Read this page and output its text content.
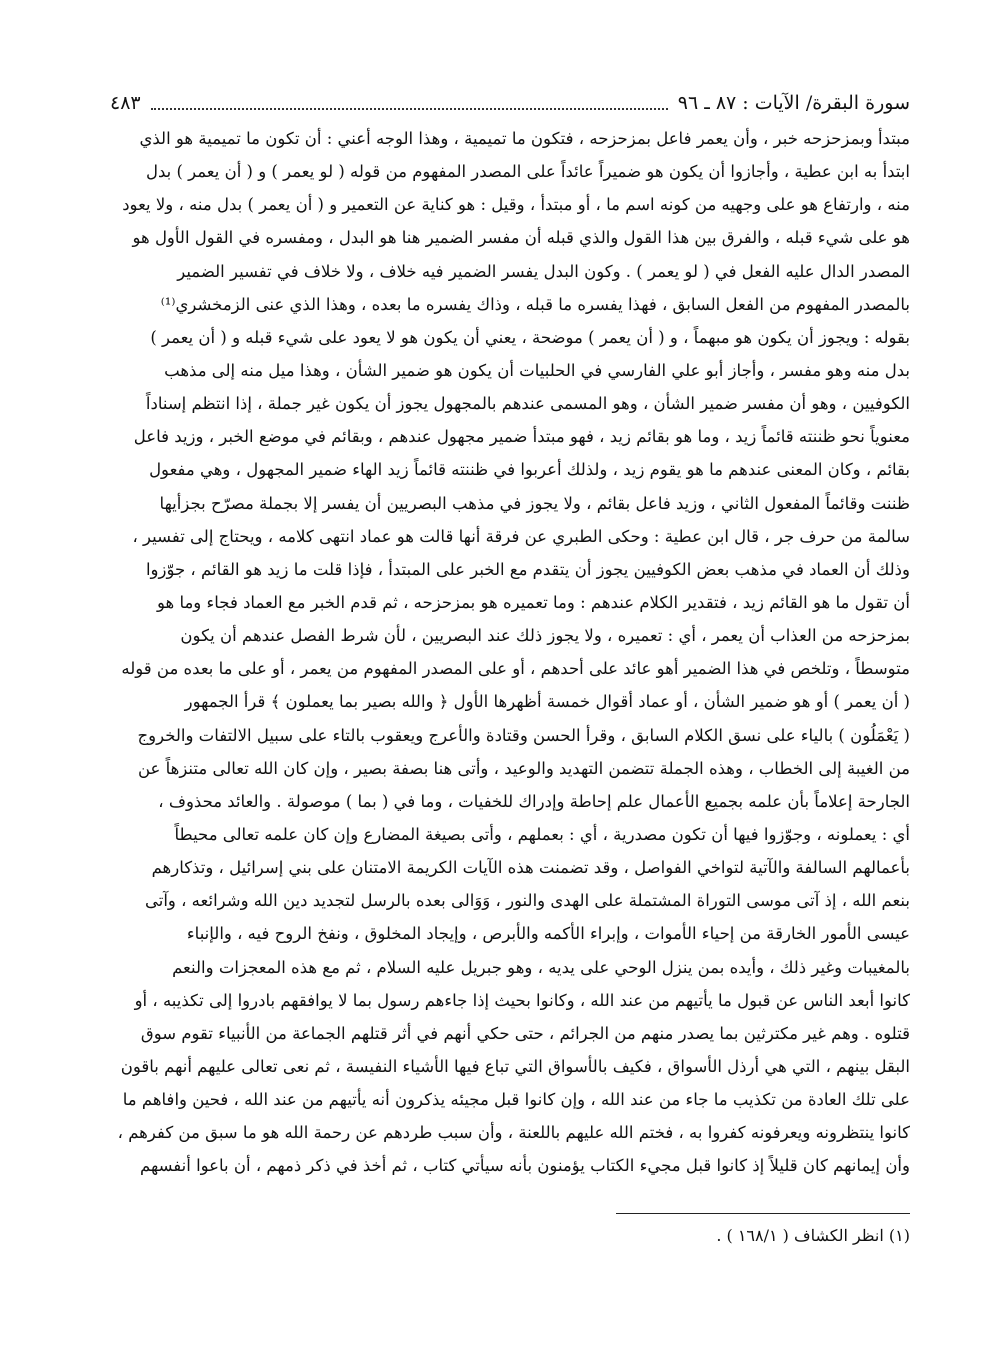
سورة البقرة/ الآيات : ٨٧ ـ ٩٦
٤٨٣
مبتدأ وبمزحزحه خبر ، وأن يعمر فاعل بمزحزحه ، فتكون ما تميمية ، وهذا الوجه أعني : أن تكون ما تميمية هو الذي
ابتدأ به ابن عطية ، وأجازوا أن يكون هو ضميراً عائداً على المصدر المفهوم من قوله ( لو يعمر ) و ( أن يعمر ) بدل
منه ، وارتفاع هو على وجهيه من كونه اسم ما ، أو مبتدأ ، وقيل : هو كناية عن التعمير و ( أن يعمر ) بدل منه ، ولا يعود
هو على شيء قبله ، والفرق بين هذا القول والذي قبله أن مفسر الضمير هنا هو البدل ، ومفسره في القول الأول هو
المصدر الدال عليه الفعل في ( لو يعمر ) . وكون البدل يفسر الضمير فيه خلاف ، ولا خلاف في تفسير الضمير
بالمصدر المفهوم من الفعل السابق ، فهذا يفسره ما قبله ، وذاك يفسره ما بعده ، وهذا الذي عنى الزمخشري⁽¹⁾
بقوله : ويجوز أن يكون هو مبهماً ، و ( أن يعمر ) موضحة ، يعني أن يكون هو لا يعود على شيء قبله و ( أن يعمر )
بدل منه وهو مفسر ، وأجاز أبو علي الفارسي في الحلبيات أن يكون هو ضمير الشأن ، وهذا ميل منه إلى مذهب
الكوفيين ، وهو أن مفسر ضمير الشأن ، وهو المسمى عندهم بالمجهول يجوز أن يكون غير جملة ، إذا انتظم إسناداً
معنوياً نحو ظننته قائماً زيد ، وما هو بقائم زيد ، فهو مبتدأ ضمير مجهول عندهم ، وبقائم في موضع الخبر ، وزيد فاعل
بقائم ، وكان المعنى عندهم ما هو يقوم زيد ، ولذلك أعربوا في ظننته قائماً زيد الهاء ضمير المجهول ، وهي مفعول
ظننت وقائماً المفعول الثاني ، وزيد فاعل بقائم ، ولا يجوز في مذهب البصريين أن يفسر إلا بجملة مصرّح بجزأيها
سالمة من حرف جر ، قال ابن عطية : وحكى الطبري عن فرقة أنها قالت هو عماد انتهى كلامه ، ويحتاج إلى تفسير ،
وذلك أن العماد في مذهب بعض الكوفيين يجوز أن يتقدم مع الخبر على المبتدأ ، فإذا قلت ما زيد هو القائم ، جوّزوا
أن تقول ما هو القائم زيد ، فتقدير الكلام عندهم : وما تعميره هو بمزحزحه ، ثم قدم الخبر مع العماد فجاء وما هو
بمزحزحه من العذاب أن يعمر ، أي : تعميره ، ولا يجوز ذلك عند البصريين ، لأن شرط الفصل عندهم أن يكون
متوسطاً ، وتلخص في هذا الضمير أهو عائد على أحدهم ، أو على المصدر المفهوم من يعمر ، أو على ما بعده من قوله
( أن يعمر ) أو هو ضمير الشأن ، أو عماد أقوال خمسة أظهرها الأول ﴿ والله بصير بما يعملون ﴾ قرأ الجمهور
( يَعْمَلُون ) بالياء على نسق الكلام السابق ، وقرأ الحسن وقتادة والأعرج ويعقوب بالتاء على سبيل الالتفات والخروج
من الغيبة إلى الخطاب ، وهذه الجملة تتضمن التهديد والوعيد ، وأتى هنا بصفة بصير ، وإن كان الله تعالى متنزهاً عن
الجارحة إعلاماً بأن علمه بجميع الأعمال علم إحاطة وإدراك للخفيات ، وما في ( بما ) موصولة . والعائد محذوف ،
أي : يعملونه ، وجوّزوا فيها أن تكون مصدرية ، أي : بعملهم ، وأتى بصيغة المضارع وإن كان علمه تعالى محيطاً
بأعمالهم السالفة والآتية لتواخي الفواصل ، وقد تضمنت هذه الآيات الكريمة الامتنان على بني إسرائيل ، وتذكارهم
بنعم الله ، إذ آتى موسى التوراة المشتملة على الهدى والنور ، وَوَالى بعده بالرسل لتجديد دين الله وشرائعه ، وآتى
عيسى الأمور الخارقة من إحياء الأموات ، وإبراء الأكمه والأبرص ، وإيجاد المخلوق ، ونفخ الروح فيه ، والإنباء
بالمغيبات وغير ذلك ، وأيده بمن ينزل الوحي على يديه ، وهو جبريل عليه السلام ، ثم مع هذه المعجزات والنعم
كانوا أبعد الناس عن قبول ما يأتيهم من عند الله ، وكانوا بحيث إذا جاءهم رسول بما لا يوافقهم بادروا إلى تكذيبه ، أو
قتلوه . وهم غير مكترثين بما يصدر منهم من الجرائم ، حتى حكي أنهم في أثر قتلهم الجماعة من الأنبياء تقوم سوق
البقل بينهم ، التي هي أرذل الأسواق ، فكيف بالأسواق التي تباع فيها الأشياء النفيسة ، ثم نعى تعالى عليهم أنهم باقون
على تلك العادة من تكذيب ما جاء من عند الله ، وإن كانوا قبل مجيئه يذكرون أنه يأتيهم من عند الله ، فحين وافاهم ما
كانوا ينتظرونه ويعرفونه كفروا به ، فختم الله عليهم باللعنة ، وأن سبب طردهم عن رحمة الله هو ما سبق من كفرهم ،
وأن إيمانهم كان قليلاً إذ كانوا قبل مجيء الكتاب يؤمنون بأنه سيأتي كتاب ، ثم أخذ في ذكر ذمهم ، أن باعوا أنفسهم
(١) انظر الكشاف ( ١٦٨/١ ) .
